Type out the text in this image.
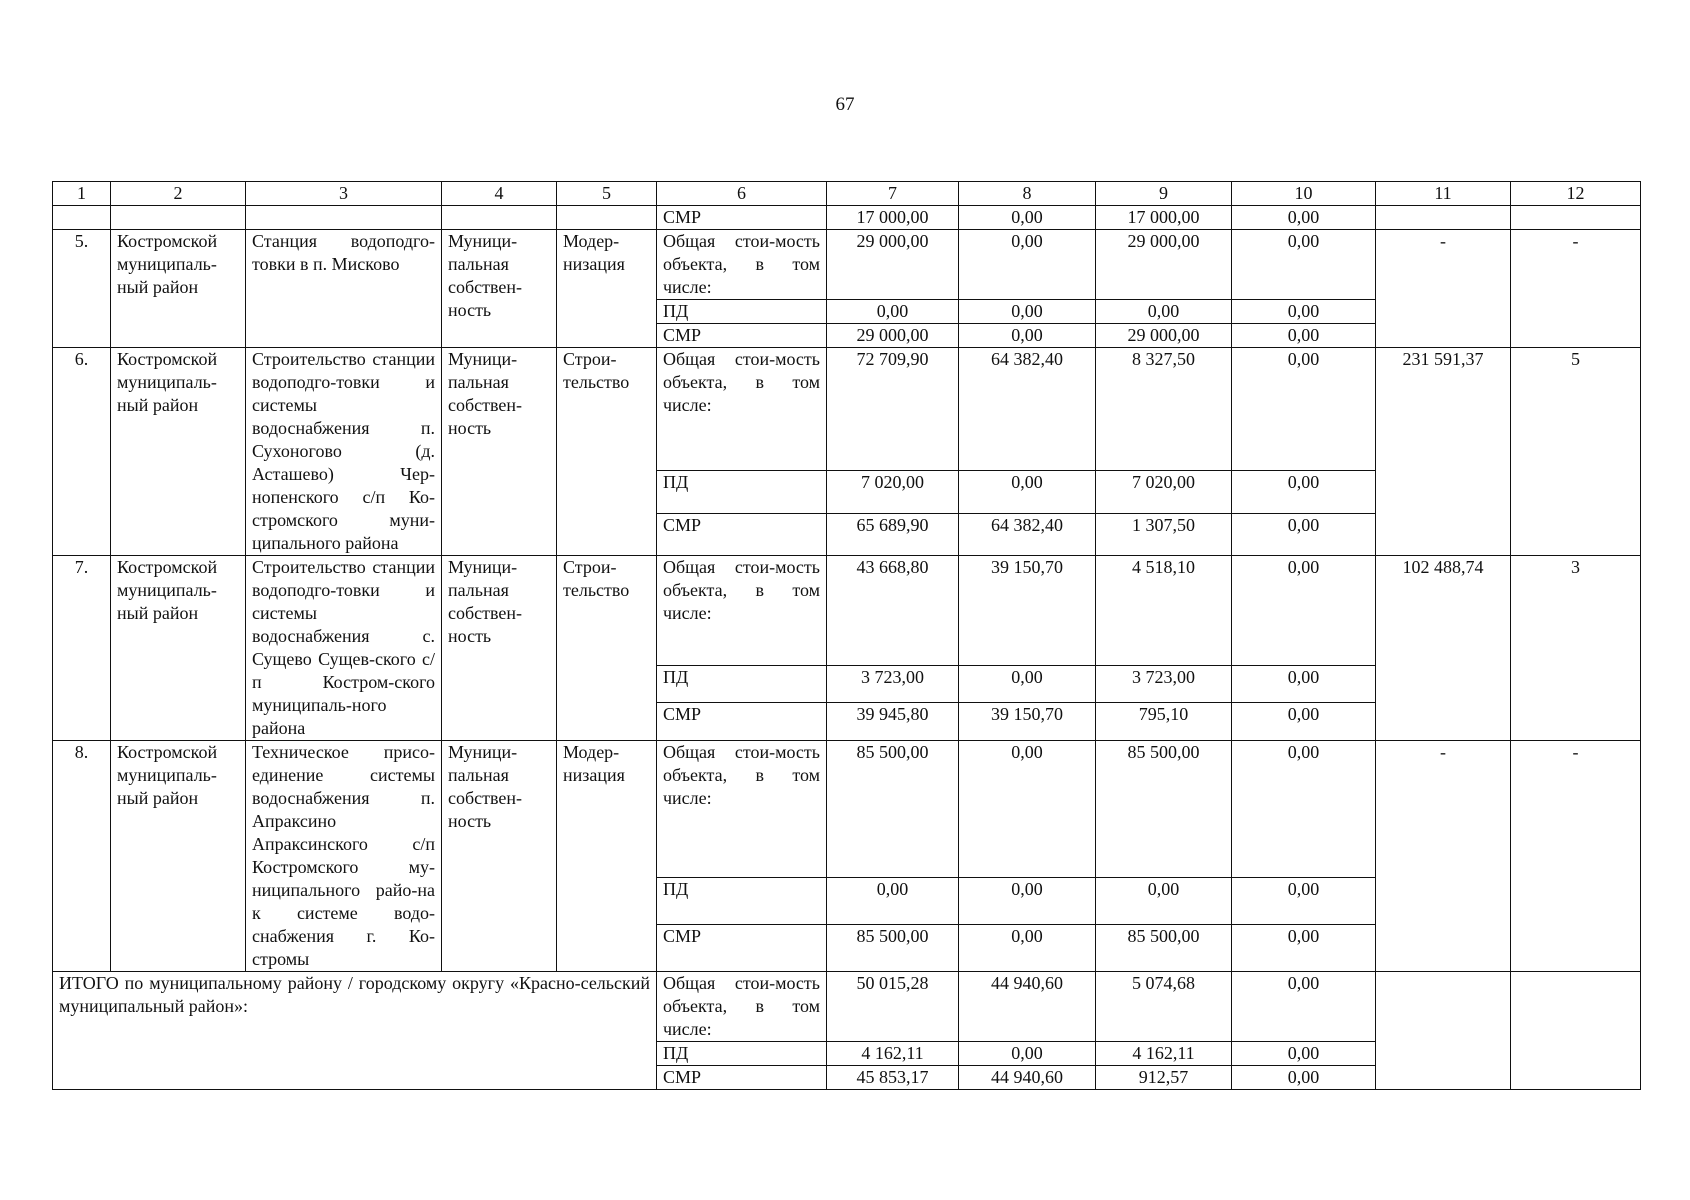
67
1	2	3	4	5	6	7	8	9	10	11	12
					СМР	17 000,00	0,00	17 000,00	0,00		
5.	Костромской муниципаль-ный район	Станция водоподго-товки в п. Мисково	Муници-пальная собствен-ность	Модер-низация	Общая стои-мость объекта, в том числе:	29 000,00	0,00	29 000,00	0,00	-	-
					ПД	0,00	0,00	0,00	0,00		
					СМР	29 000,00	0,00	29 000,00	0,00		
6.	Костромской муниципаль-ный район	Строительство станции водоподго-товки и системы водоснабжения п. Сухоногово (д. Асташево) Чер-нопенского с/п Ко-стромского муни-ципального района	Муници-пальная собствен-ность	Строи-тельство	Общая стои-мость объекта, в том числе:	72 709,90	64 382,40	8 327,50	0,00	231 591,37	5
					ПД	7 020,00	0,00	7 020,00	0,00		
					СМР	65 689,90	64 382,40	1 307,50	0,00		
7.	Костромской муниципаль-ный район	Строительство станции водоподго-товки и системы водоснабжения с. Сущево Сущев-ского с/п Костром-ского муниципаль-ного района	Муници-пальная собствен-ность	Строи-тельство	Общая стои-мость объекта, в том числе:	43 668,80	39 150,70	4 518,10	0,00	102 488,74	3
					ПД	3 723,00	0,00	3 723,00	0,00		
					СМР	39 945,80	39 150,70	795,10	0,00		
8.	Костромской муниципаль-ный район	Техническое присо-единение системы водоснабжения п. Апраксино Апраксинского с/п Костромского му-ниципального райо-на к системе водо-снабжения г. Ко-стромы	Муници-пальная собствен-ность	Модер-низация	Общая стои-мость объекта, в том числе:	85 500,00	0,00	85 500,00	0,00	-	-
					ПД	0,00	0,00	0,00	0,00		
					СМР	85 500,00	0,00	85 500,00	0,00		
ИТОГО по муниципальному району / городскому округу «Красно-сельский муниципальный район»:					Общая стои-мость объекта, в том числе:	50 015,28	44 940,60	5 074,68	0,00		
					ПД	4 162,11	0,00	4 162,11	0,00		
					СМР	45 853,17	44 940,60	912,57	0,00		
